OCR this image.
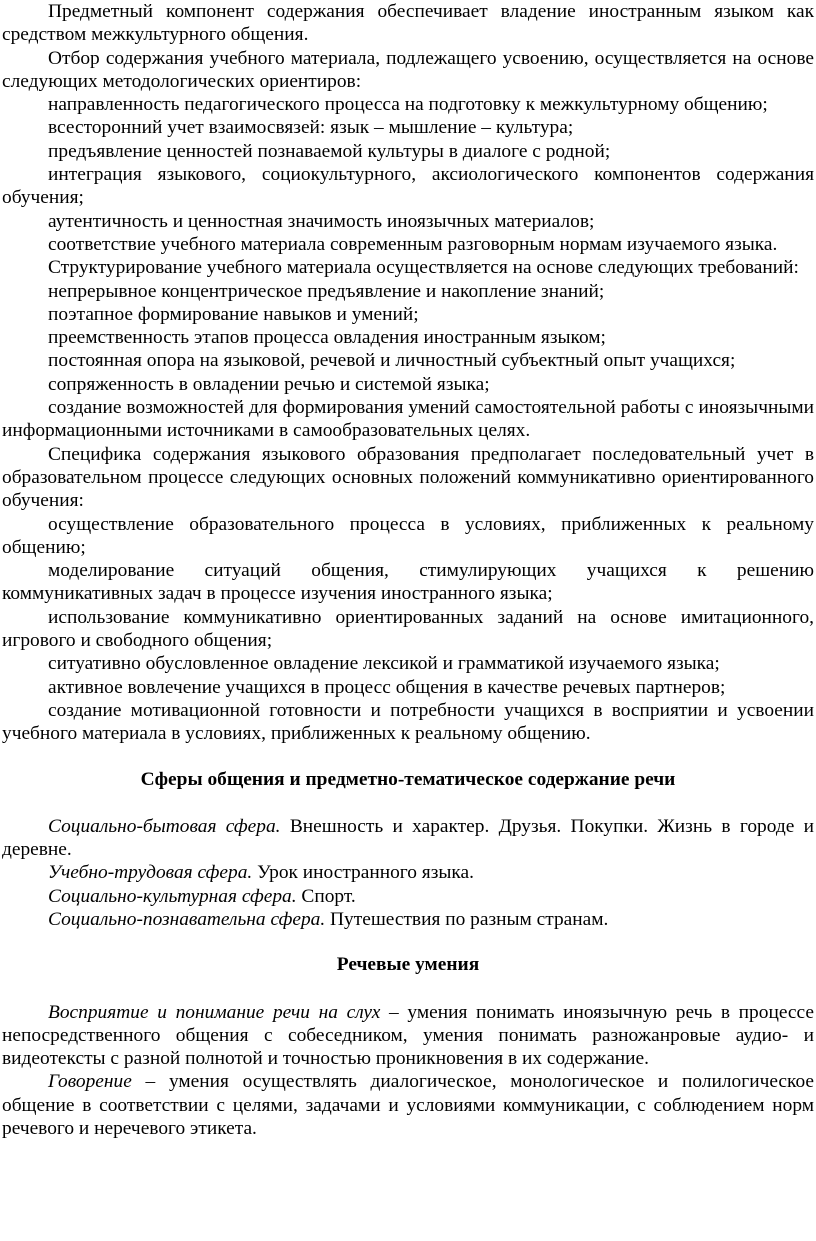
Предметный компонент содержания обеспечивает владение иностранным языком как средством межкультурного общения.

Отбор содержания учебного материала, подлежащего усвоению, осуществляется на основе следующих методологических ориентиров:

направленность педагогического процесса на подготовку к межкультурному общению;

всесторонний учет взаимосвязей: язык – мышление – культура;

предъявление ценностей познаваемой культуры в диалоге с родной;

интеграция языкового, социокультурного, аксиологического компонентов содержания обучения;

аутентичность и ценностная значимость иноязычных материалов;

соответствие учебного материала современным разговорным нормам изучаемого языка.

Структурирование учебного материала осуществляется на основе следующих требований:

непрерывное концентрическое предъявление и накопление знаний;

поэтапное формирование навыков и умений;

преемственность этапов процесса овладения иностранным языком;

постоянная опора на языковой, речевой и личностный субъектный опыт учащихся;

сопряженность в овладении речью и системой языка;

создание возможностей для формирования умений самостоятельной работы с иноязычными информационными источниками в самообразовательных целях.

Специфика содержания языкового образования предполагает последовательный учет в образовательном процессе следующих основных положений коммуникативно ориентированного обучения:

осуществление образовательного процесса в условиях, приближенных к реальному общению;

моделирование ситуаций общения, стимулирующих учащихся к решению коммуникативных задач в процессе изучения иностранного языка;

использование коммуникативно ориентированных заданий на основе имитационного, игрового и свободного общения;

ситуативно обусловленное овладение лексикой и грамматикой изучаемого языка;

активное вовлечение учащихся в процесс общения в качестве речевых партнеров;

создание мотивационной готовности и потребности учащихся в восприятии и усвоении учебного материала в условиях, приближенных к реальному общению.

Сферы общения и предметно-тематическое содержание речи

Социально-бытовая сфера. Внешность и характер. Друзья. Покупки. Жизнь в городе и деревне.

Учебно-трудовая сфера. Урок иностранного языка.

Социально-культурная сфера. Спорт.

Социально-познавательна сфера. Путешествия по разным странам.

Речевые умения

Восприятие и понимание речи на слух – умения понимать иноязычную речь в процессе непосредственного общения с собеседником, умения понимать разножанровые аудио- и видеотексты с разной полнотой и точностью проникновения в их содержание.

Говорение – умения осуществлять диалогическое, монологическое и полилогическое общение в соответствии с целями, задачами и условиями коммуникации, с соблюдением норм речевого и неречевого этикета.
